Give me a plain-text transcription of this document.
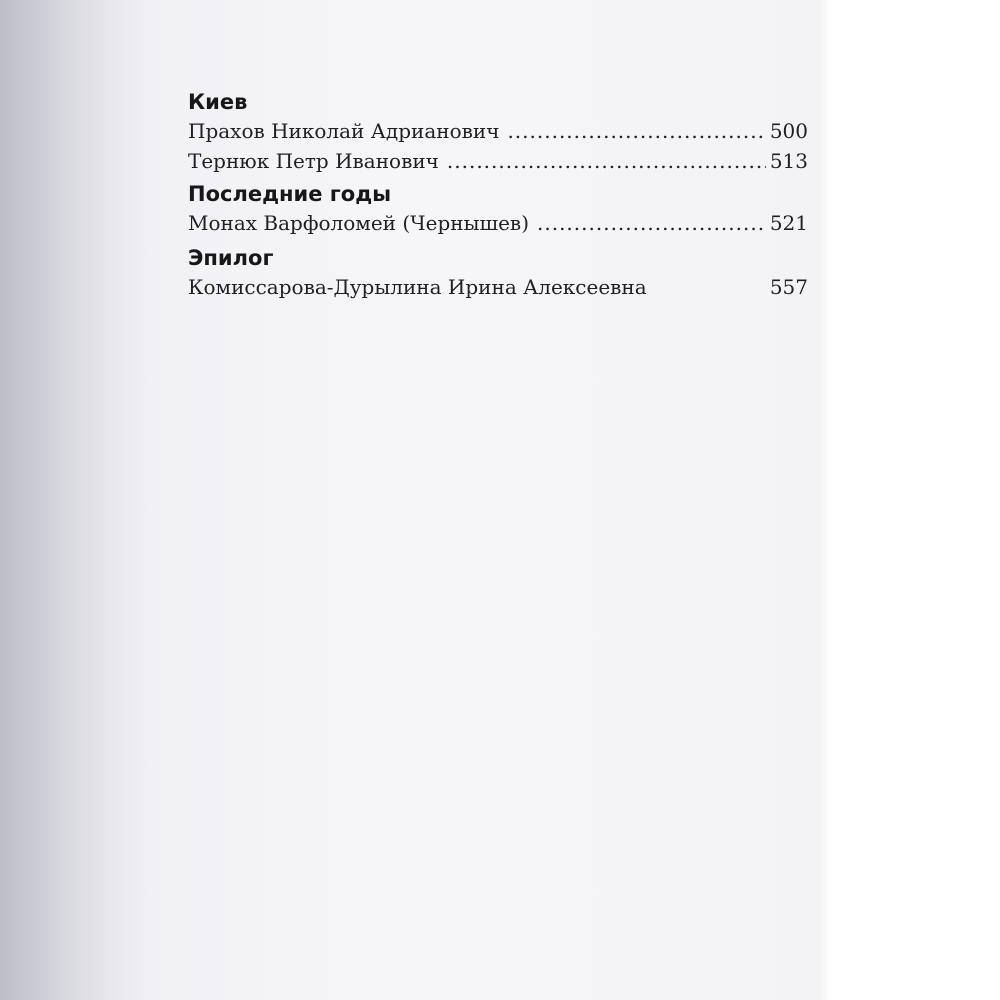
Киев
Прахов Николай Адрианович .....	500
Тернюк Петр Иванович .....	513
Последние годы
Монах Варфоломей (Чернышев) .....	521
Эпилог
Комиссарова-Дурылина Ирина Алексеевна	557
